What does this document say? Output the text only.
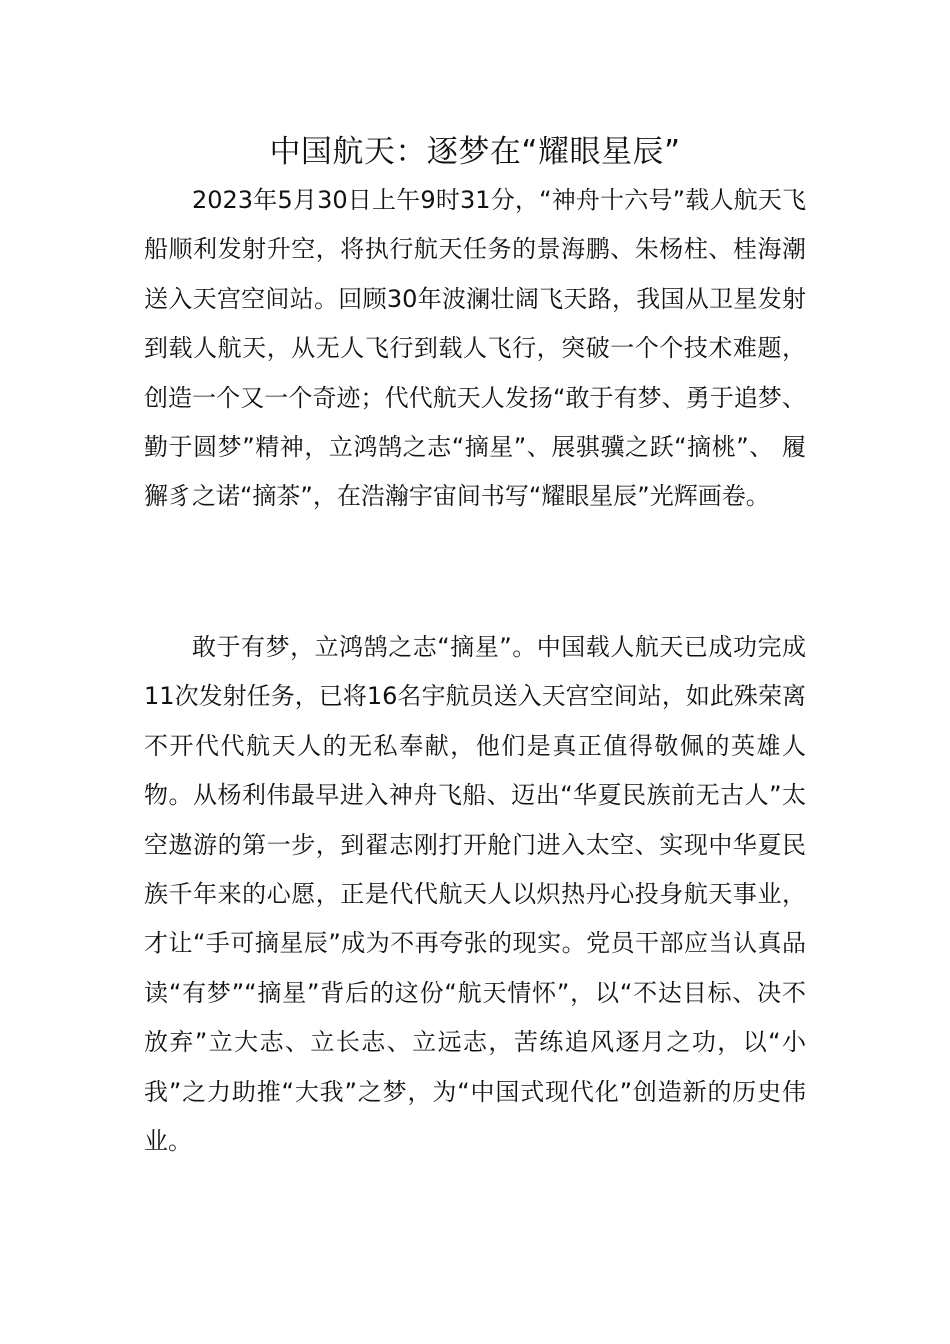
中国航天：逐梦在“耀眼星辰”

2023年5月30日上午9时31分，“神舟十六号”载人航天飞船顺利发射升空，将执行航天任务的景海鹏、朱杨柱、桂海潮送入天宫空间站。回顾30年波澜壮阔飞天路，我国从卫星发射到载人航天，从无人飞行到载人飞行，突破一个个技术难题，创造一个又一个奇迹；代代航天人发扬“敢于有梦、勇于追梦、勤于圆梦”精神，立鸿鹄之志“摘星”、展骐骥之跃“摘桃”、 履獬豸之诺“摘茶”，在浩瀚宇宙间书写“耀眼星辰”光辉画卷。

敢于有梦，立鸿鹄之志“摘星”。中国载人航天已成功完成11次发射任务，已将16名宇航员送入天宫空间站，如此殊荣离不开代代航天人的无私奉献，他们是真正值得敬佩的英雄人物。从杨利伟最早进入神舟飞船、迈出“华夏民族前无古人”太空遨游的第一步，到翟志刚打开舱门进入太空、实现中华夏民族千年来的心愿，正是代代航天人以炽热丹心投身航天事业，才让“手可摘星辰”成为不再夸张的现实。党员干部应当认真品读“有梦”“摘星”背后的这份“航天情怀”，以“不达目标、决不放弃”立大志、立长志、立远志，苦练追风逐月之功，以“小我”之力助推“大我”之梦，为“中国式现代化”创造新的历史伟业。
